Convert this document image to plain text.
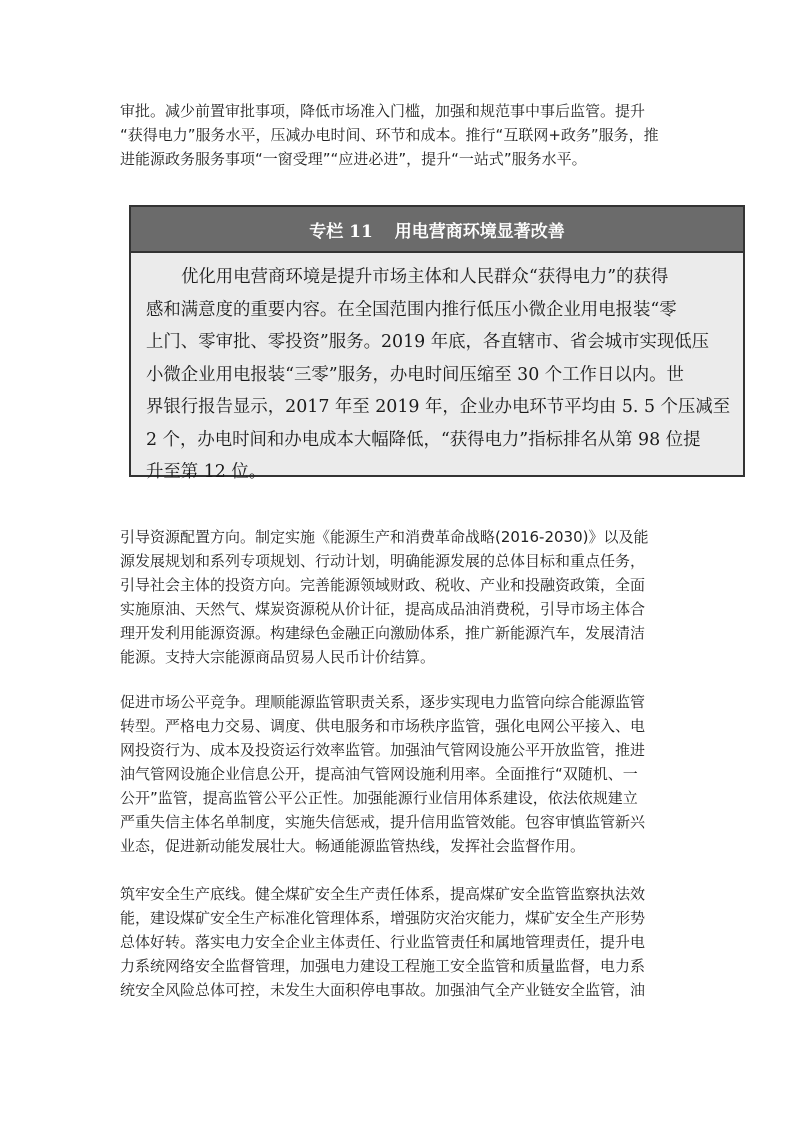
审批。减少前置审批事项，降低市场准入门槛，加强和规范事中事后监管。提升
“获得电力”服务水平，压减办电时间、环节和成本。推行“互联网+政务”服务，推
进能源政务服务事项“一窗受理”“应进必进”，提升“一站式”服务水平。
专栏 11 用电营商环境显著改善
优化用电营商环境是提升市场主体和人民群众“获得电力”的获得
感和满意度的重要内容。在全国范围内推行低压小微企业用电报装“零
上门、零审批、零投资”服务。2019 年底，各直辖市、省会城市实现低压
小微企业用电报装“三零”服务，办电时间压缩至 30 个工作日以内。世
界银行报告显示，2017 年至 2019 年，企业办电环节平均由 5. 5 个压减至
2 个，办电时间和办电成本大幅降低，“获得电力”指标排名从第 98 位提
升至第 12 位。
引导资源配置方向。制定实施《能源生产和消费革命战略(2016-2030)》以及能
源发展规划和系列专项规划、行动计划，明确能源发展的总体目标和重点任务，
引导社会主体的投资方向。完善能源领域财政、税收、产业和投融资政策，全面
实施原油、天然气、煤炭资源税从价计征，提高成品油消费税，引导市场主体合
理开发利用能源资源。构建绿色金融正向激励体系，推广新能源汽车，发展清洁
能源。支持大宗能源商品贸易人民币计价结算。
促进市场公平竞争。理顺能源监管职责关系，逐步实现电力监管向综合能源监管
转型。严格电力交易、调度、供电服务和市场秩序监管，强化电网公平接入、电
网投资行为、成本及投资运行效率监管。加强油气管网设施公平开放监管，推进
油气管网设施企业信息公开，提高油气管网设施利用率。全面推行“双随机、一
公开”监管，提高监管公平公正性。加强能源行业信用体系建设，依法依规建立
严重失信主体名单制度，实施失信惩戒，提升信用监管效能。包容审慎监管新兴
业态，促进新动能发展壮大。畅通能源监管热线，发挥社会监督作用。
筑牢安全生产底线。健全煤矿安全生产责任体系，提高煤矿安全监管监察执法效
能，建设煤矿安全生产标准化管理体系，增强防灾治灾能力，煤矿安全生产形势
总体好转。落实电力安全企业主体责任、行业监管责任和属地管理责任，提升电
力系统网络安全监督管理，加强电力建设工程施工安全监管和质量监督，电力系
统安全风险总体可控，未发生大面积停电事故。加强油气全产业链安全监管，油
